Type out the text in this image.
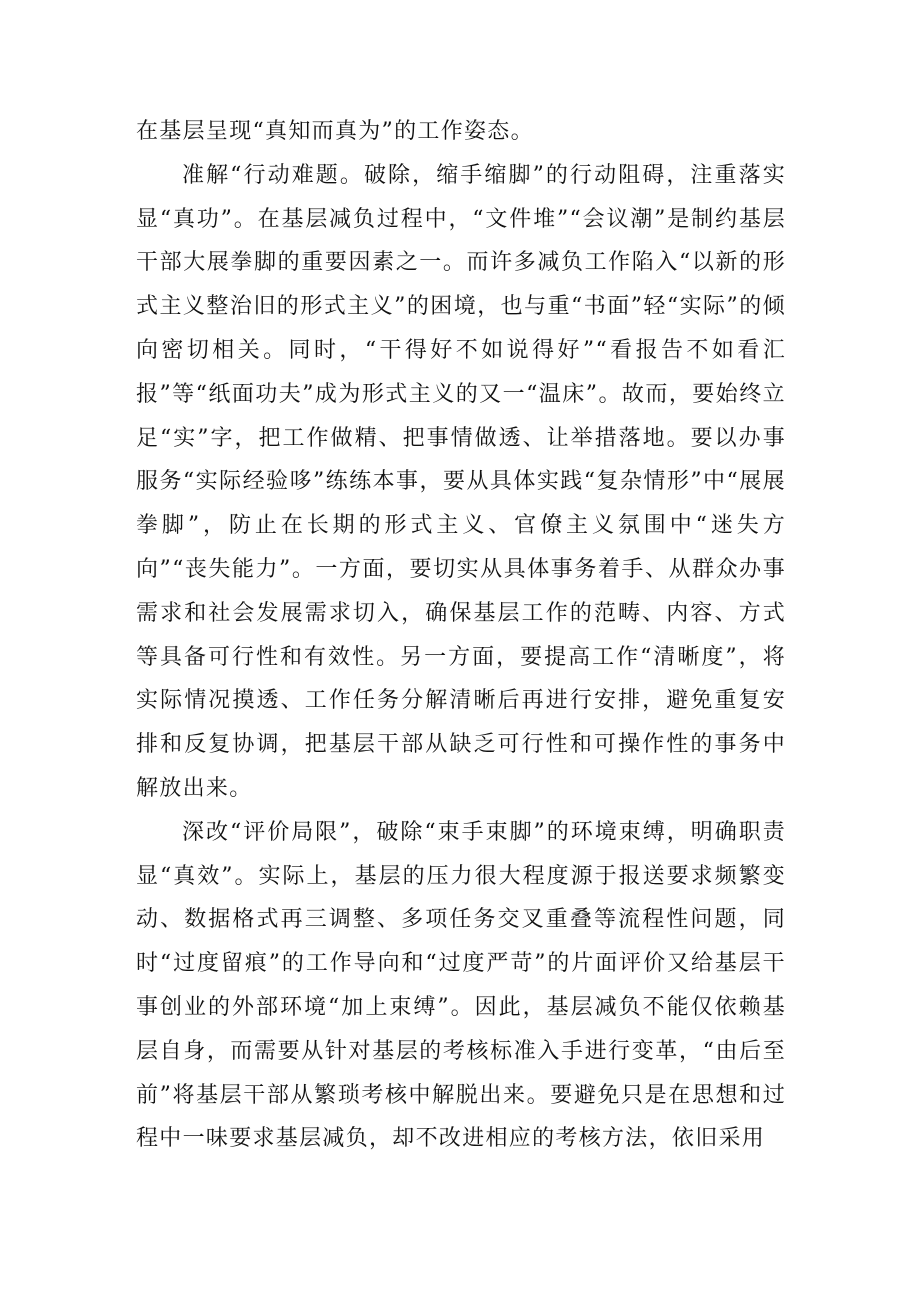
在基层呈现“真知而真为”的工作姿态。

准解“行动难题。破除，缩手缩脚”的行动阻碍，注重落实显“真功”。在基层减负过程中，“文件堆”“会议潮”是制约基层干部大展拳脚的重要因素之一。而许多减负工作陷入“以新的形式主义整治旧的形式主义”的困境，也与重“书面”轻“实际”的倾向密切相关。同时，“干得好不如说得好”“看报告不如看汇报”等“纸面功夫”成为形式主义的又一“温床”。故而，要始终立足“实”字，把工作做精、把事情做透、让举措落地。要以办事服务“实际经验哆”练练本事，要从具体实践“复杂情形”中“展展拳脚”，防止在长期的形式主义、官僚主义氛围中“迷失方向”“丧失能力”。一方面，要切实从具体事务着手、从群众办事需求和社会发展需求切入，确保基层工作的范畴、内容、方式等具备可行性和有效性。另一方面，要提高工作“清晰度”，将实际情况摸透、工作任务分解清晰后再进行安排，避免重复安排和反复协调，把基层干部从缺乏可行性和可操作性的事务中解放出来。

深改“评价局限”，破除“束手束脚”的环境束缚，明确职责显“真效”。实际上，基层的压力很大程度源于报送要求频繁变动、数据格式再三调整、多项任务交叉重叠等流程性问题，同时“过度留痕”的工作导向和“过度严苛”的片面评价又给基层干事创业的外部环境“加上束缚”。因此，基层减负不能仅依赖基层自身，而需要从针对基层的考核标准入手进行变革，“由后至前”将基层干部从繁琐考核中解脱出来。要避免只是在思想和过程中一味要求基层减负，却不改进相应的考核方法，依旧采用
